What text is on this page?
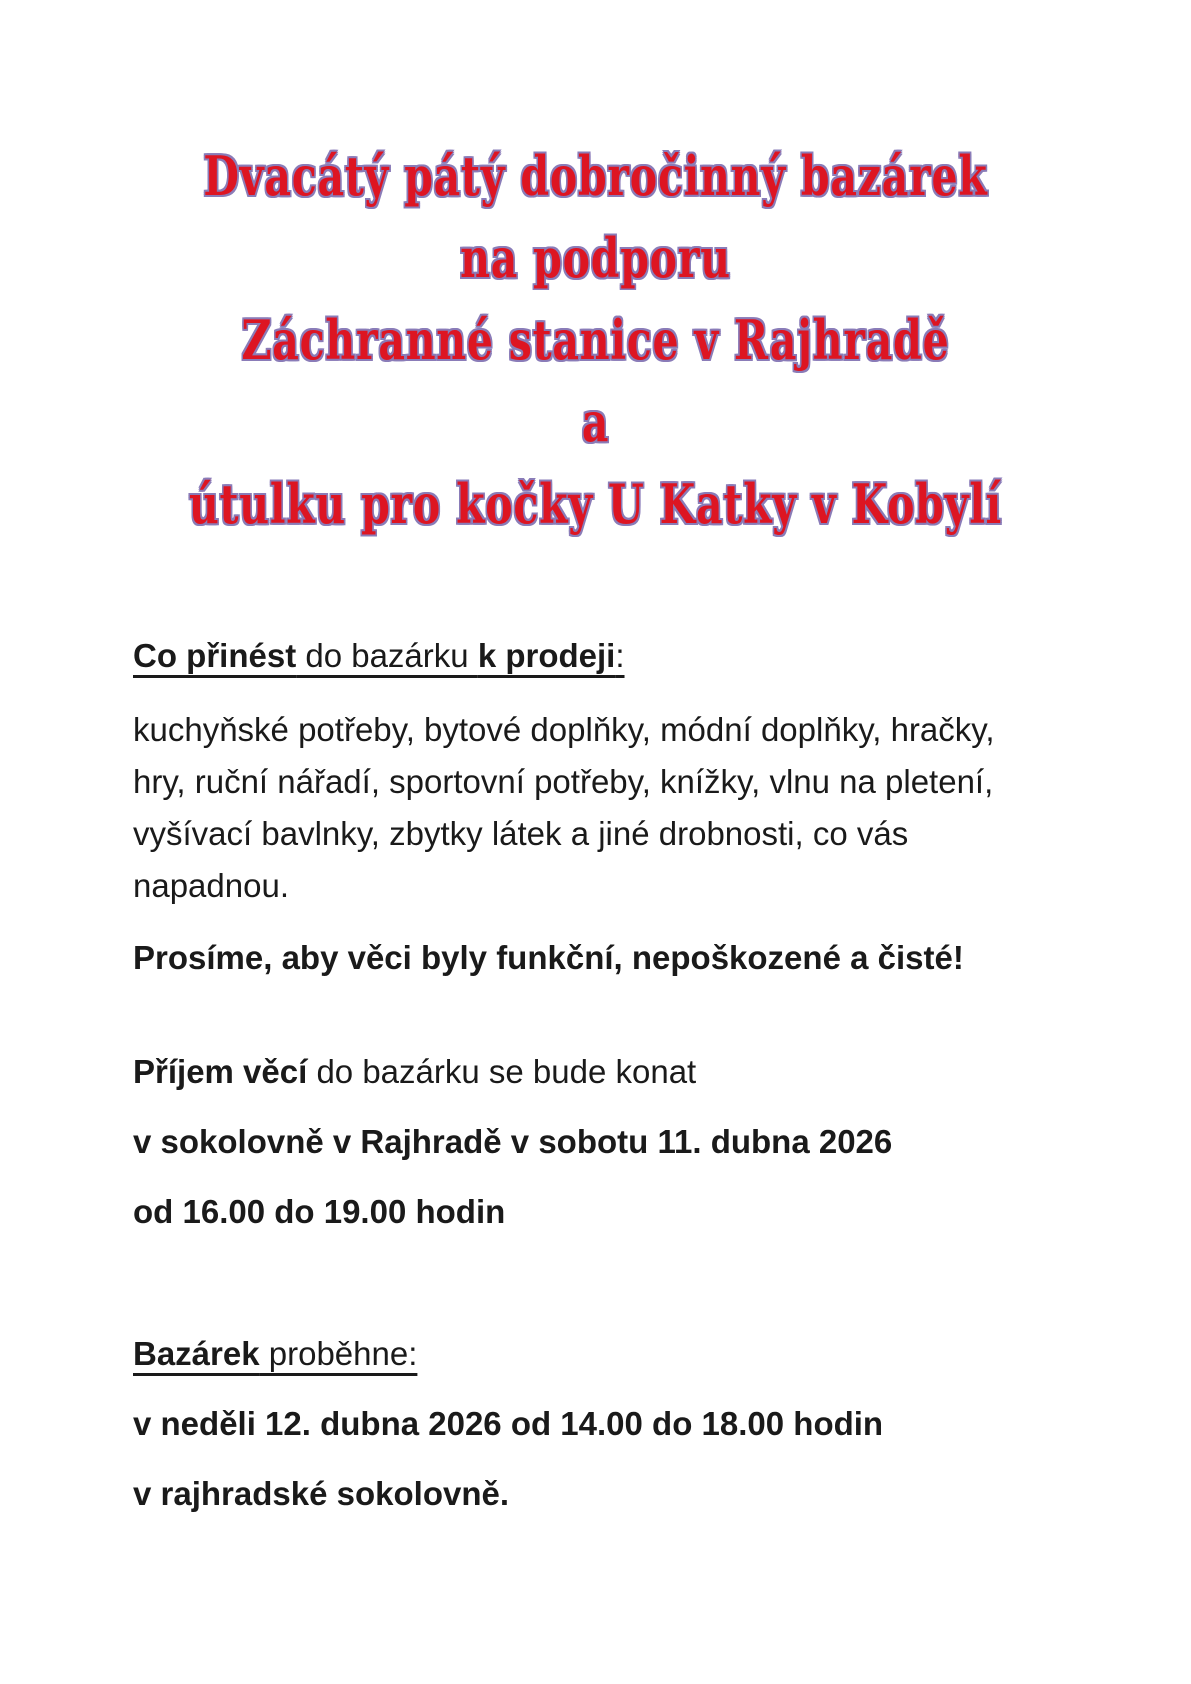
Dvacátý pátý dobročinný bazárek
na podporu
Záchranné stanice v Rajhradě
a
útulku pro kočky U Katky v Kobylí

Co přinést do bazárku k prodeji:

kuchyňské potřeby, bytové doplňky, módní doplňky, hračky,

hry, ruční nářadí, sportovní potřeby, knížky, vlnu na pletení,

vyšívací bavlnky, zbytky látek a jiné drobnosti, co vás

napadnou.

Prosíme, aby věci byly funkční, nepoškozené a čisté!

Příjem věcí do bazárku se bude konat

v sokolovně v Rajhradě v sobotu 11. dubna 2026

od 16.00 do 19.00 hodin

Bazárek proběhne:

v neděli 12. dubna 2026 od 14.00 do 18.00 hodin

v rajhradské sokolovně.
